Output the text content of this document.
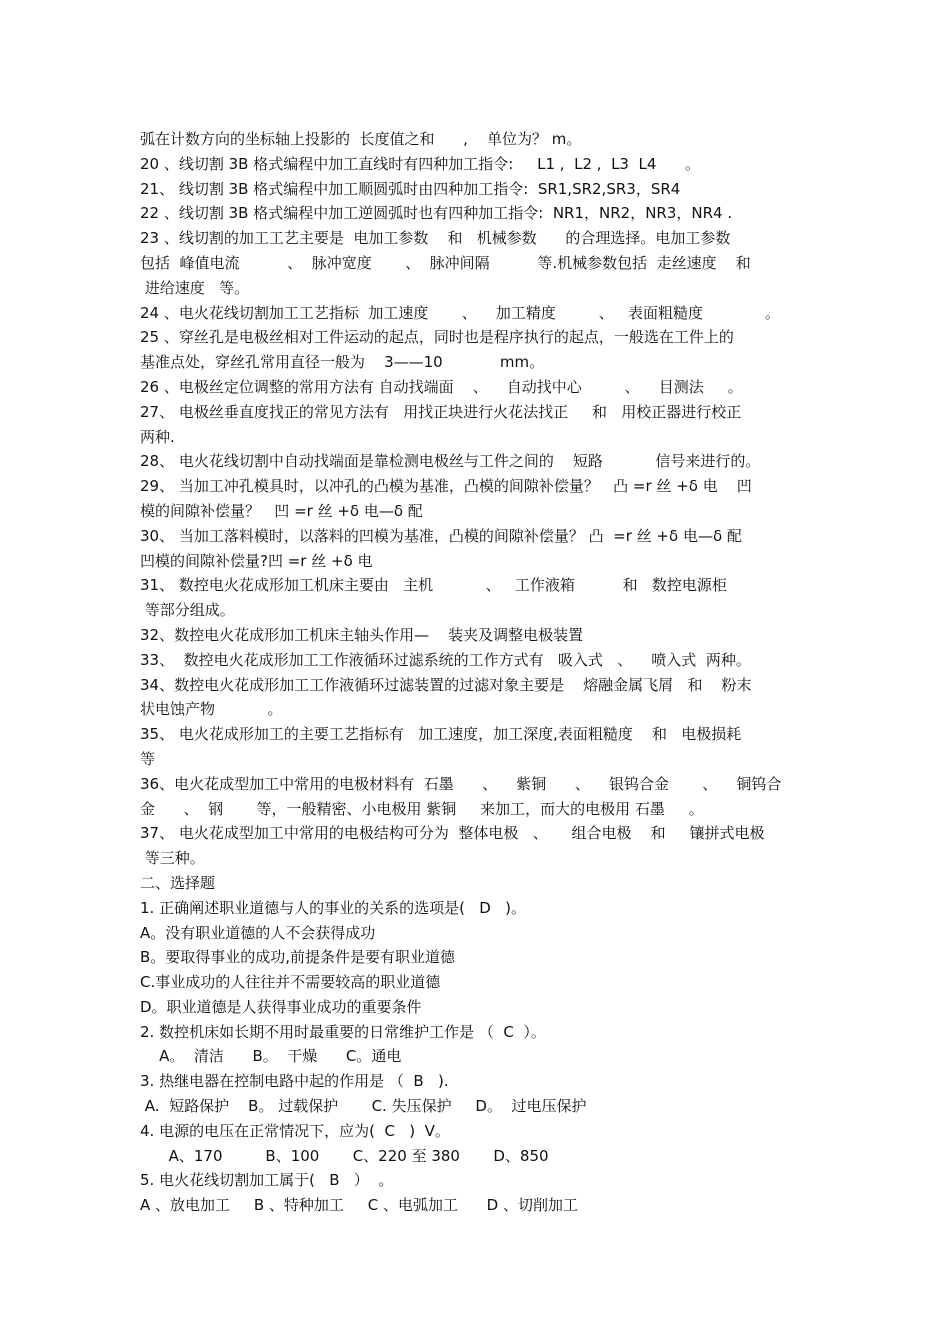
弧在计数方向的坐标轴上投影的  长度值之和      ,    单位为？ m。
20 、线切割 3B 格式编程中加工直线时有四种加工指令:     L1 ,  L2 ,  L3  L4      。
21、 线切割 3B 格式编程中加工顺圆弧时由四种加工指令:  SR1,SR2,SR3，SR4
22 、线切割 3B 格式编程中加工逆圆弧时也有四种加工指令:  NR1，NR2，NR3，NR4 .
23 、线切割的加工工艺主要是  电加工参数    和   机械参数      的合理选择。电加工参数
包括  峰值电流          、  脉冲宽度       、  脉冲间隔          等.机械参数包括  走丝速度    和
进给速度   等。
24 、电火花线切割加工工艺指标  加工速度       、    加工精度         、   表面粗糙度             。
25 、穿丝孔是电极丝相对工件运动的起点，同时也是程序执行的起点，一般选在工件上的
基准点处，穿丝孔常用直径一般为    3——10            mm。
26 、电极丝定位调整的常用方法有 自动找端面    、    自动找中心         、    目测法     。
27、 电极丝垂直度找正的常见方法有   用找正块进行火花法找正     和   用校正器进行校正
两种.
28、 电火花线切割中自动找端面是靠检测电极丝与工件之间的    短路           信号来进行的。
29、 当加工冲孔模具时，以冲孔的凸模为基准，凸模的间隙补偿量？   凸 =r 丝 +δ 电    凹
模的间隙补偿量？   凹 =r 丝 +δ 电—δ 配
30、 当加工落料模时，以落料的凹模为基准，凸模的间隙补偿量？ 凸  =r 丝 +δ 电—δ 配
凹模的间隙补偿量?凹 =r 丝 +δ 电
31、 数控电火花成形加工机床主要由   主机           、   工作液箱          和   数控电源柜
等部分组成。
32、数控电火花成形加工机床主轴头作用—    装夹及调整电极装置
33、  数控电火花成形加工工作液循环过滤系统的工作方式有   吸入式   、    喷入式  两种。
34、数控电火花成形加工工作液循环过滤装置的过滤对象主要是    熔融金属飞屑   和    粉末
状电蚀产物           。
35、 电火花成形加工的主要工艺指标有   加工速度，加工深度,表面粗糙度    和   电极损耗
等
36、电火花成型加工中常用的电极材料有  石墨      、    紫铜      、    银钨合金       、    铜钨合
金      、  钢       等，一般精密、小电极用 紫铜     来加工，而大的电极用 石墨     。
37、 电火花成型加工中常用的电极结构可分为  整体电极   、     组合电极    和     镶拼式电极
等三种。
二、选择题
1. 正确阐述职业道德与人的事业的关系的选项是(   D   )。
A。没有职业道德的人不会获得成功
B。要取得事业的成功,前提条件是要有职业道德
C.事业成功的人往往并不需要较高的职业道德
D。职业道德是人获得事业成功的重要条件
2. 数控机床如长期不用时最重要的日常维护工作是 （  C  ）。
A。  清洁      B。  干燥      C。通电
3. 热继电器在控制电路中起的作用是 （  B   ).
A.  短路保护    B。 过载保护       C. 失压保护     D。  过电压保护
4. 电源的电压在正常情况下，应为(  C   )  V。
A、170         B、100       C、220 至 380       D、850
5. 电火花线切割加工属于(   B   ）  。
A 、放电加工     B 、特种加工     C 、电弧加工      D 、切削加工
